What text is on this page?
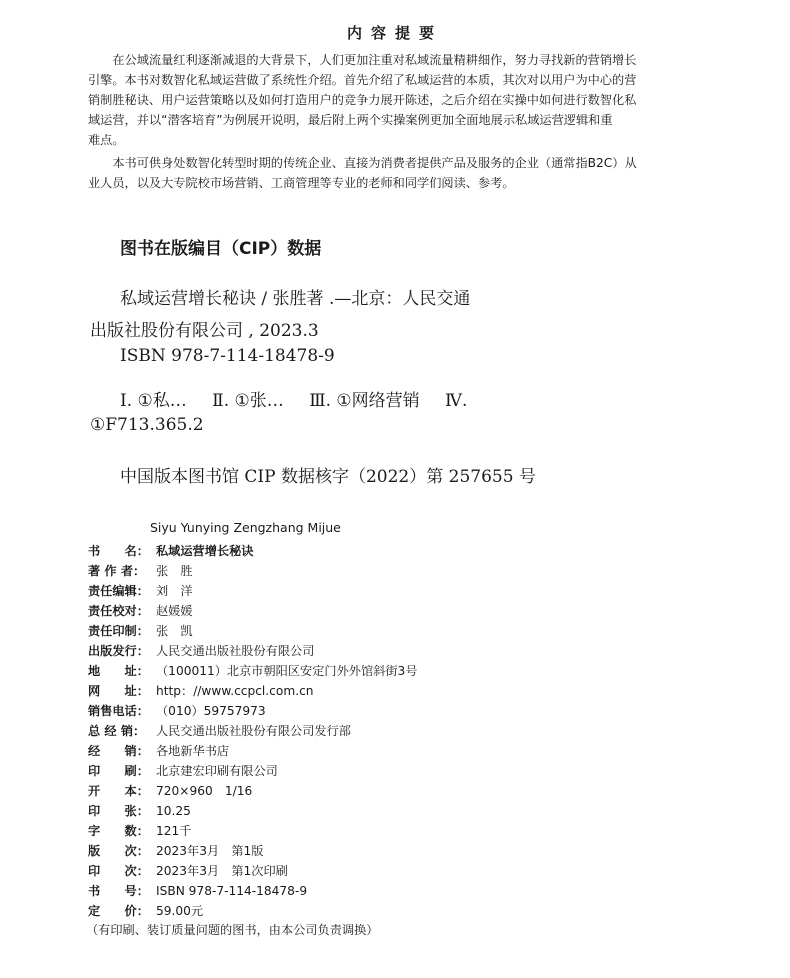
内容提要
　　在公域流量红利逐渐减退的大背景下，人们更加注重对私域流量精耕细作，努力寻找新的营销增长
引擎。本书对数智化私域运营做了系统性介绍。首先介绍了私域运营的本质，其次对以用户为中心的营
销制胜秘诀、用户运营策略以及如何打造用户的竞争力展开陈述，之后介绍在实操中如何进行数智化私
域运营，并以“潜客培育”为例展开说明，最后附上两个实操案例更加全面地展示私域运营逻辑和重
难点。
　　本书可供身处数智化转型时期的传统企业、直接为消费者提供产品及服务的企业（通常指B2C）从
业人员，以及大专院校市场营销、工商管理等专业的老师和同学们阅读、参考。
图书在版编目（CIP）数据
私域运营增长秘诀 / 张胜著 .—北京：人民交通
出版社股份有限公司 , 2023.3
ISBN 978-7-114-18478-9
Ⅰ. ①私… Ⅱ. ①张… Ⅲ. ①网络营销 Ⅳ.
①F713.365.2
中国版本图书馆 CIP 数据核字（2022）第 257655 号
Siyu Yunying Zengzhang Mijue
书　　名： 私域运营增长秘诀
著 作 者： 张　胜
责任编辑： 刘　洋
责任校对： 赵媛媛
责任印制： 张　凯
出版发行： 人民交通出版社股份有限公司
地　　址： （100011）北京市朝阳区安定门外外馆斜街3号
网　　址： http：//www.ccpcl.com.cn
销售电话： （010）59757973
总 经 销： 人民交通出版社股份有限公司发行部
经　　销： 各地新华书店
印　　刷： 北京建宏印刷有限公司
开　　本： 720×960　1/16
印　　张： 10.25
字　　数： 121千
版　　次： 2023年3月　第1版
印　　次： 2023年3月　第1次印刷
书　　号： ISBN 978-7-114-18478-9
定　　价： 59.00元
（有印刷、装订质量问题的图书，由本公司负责调换）
